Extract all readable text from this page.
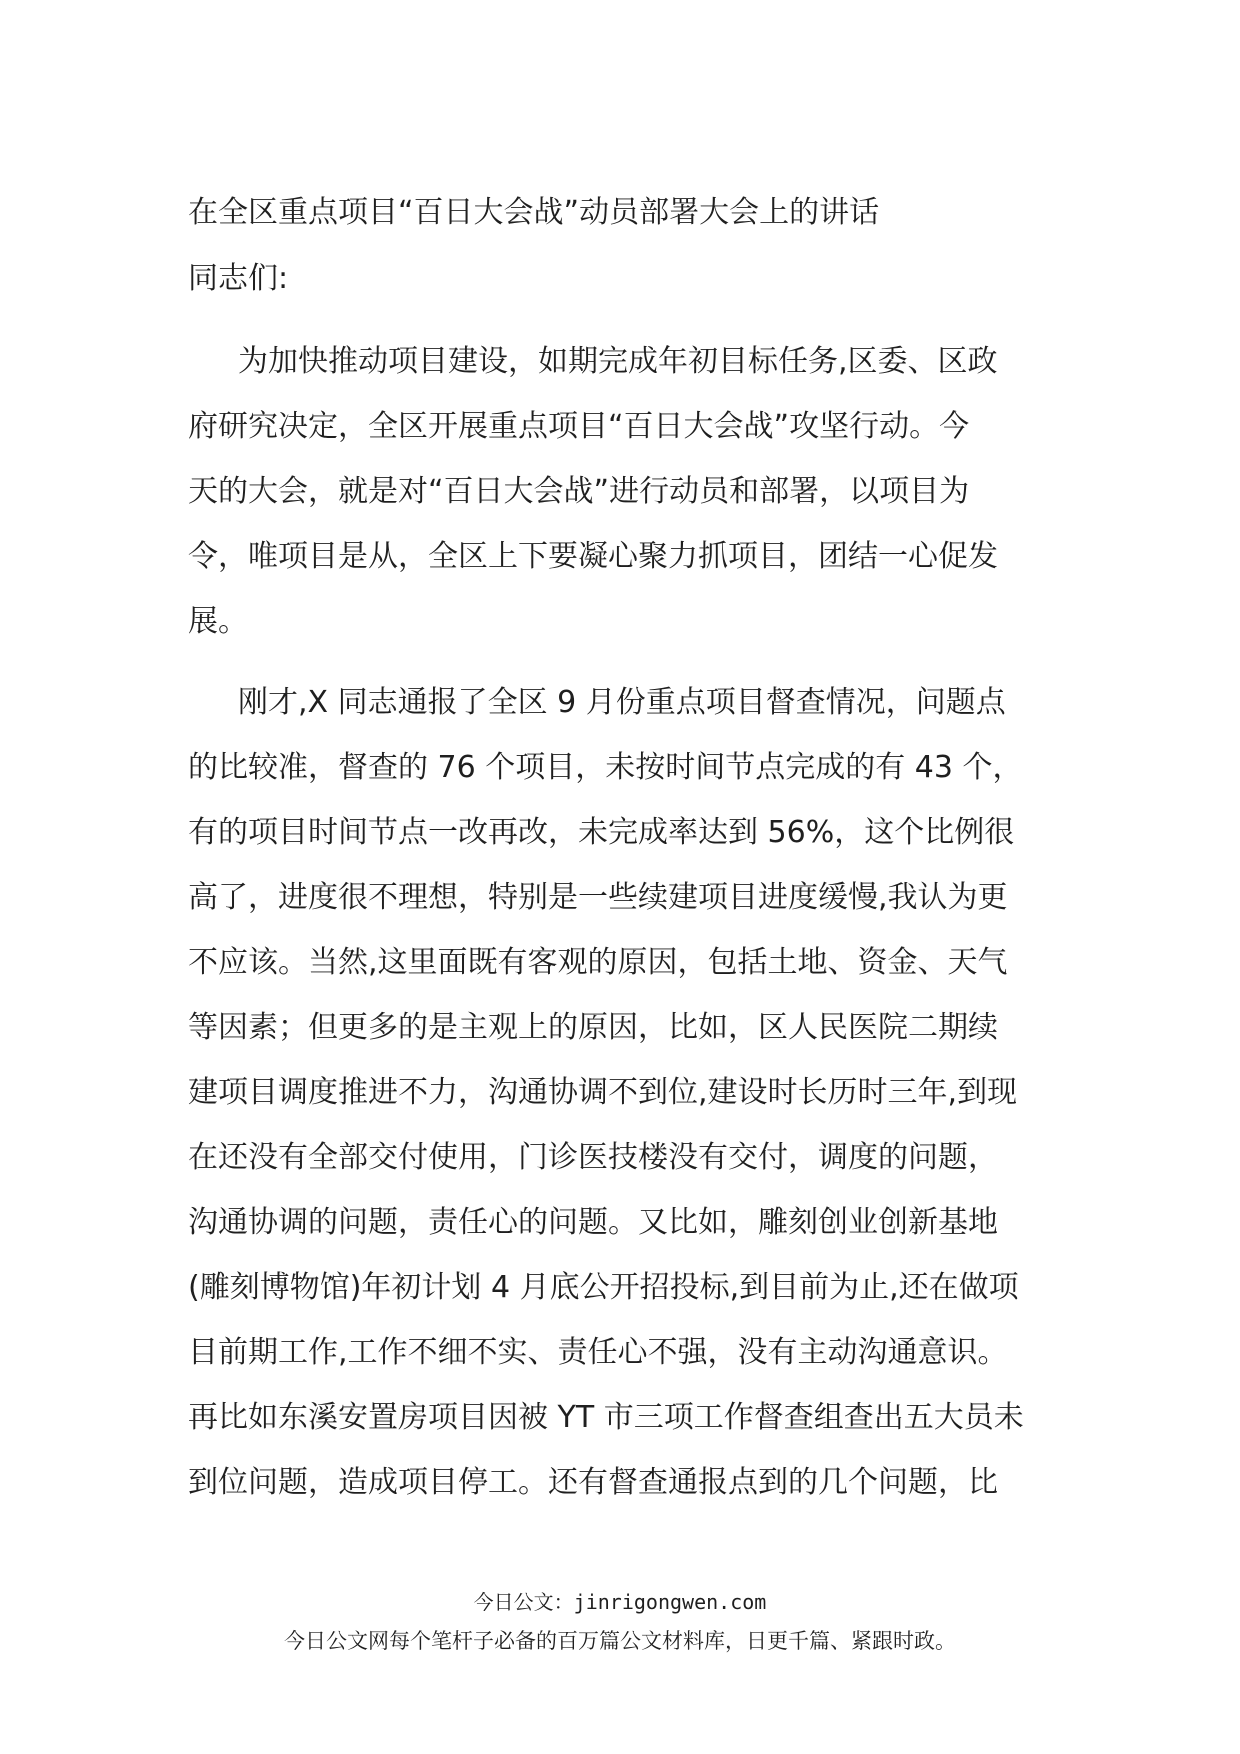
在全区重点项目“百日大会战”动员部署大会上的讲话

同志们:

为加快推动项目建设，如期完成年初目标任务,区委、区政
府研究决定，全区开展重点项目“百日大会战”攻坚行动。今
天的大会，就是对“百日大会战”进行动员和部署，以项目为
令，唯项目是从，全区上下要凝心聚力抓项目，团结一心促发
展。

刚才,X 同志通报了全区 9 月份重点项目督查情况，问题点
的比较准，督查的 76 个项目，未按时间节点完成的有 43 个，
有的项目时间节点一改再改，未完成率达到 56%，这个比例很
高了，进度很不理想，特别是一些续建项目进度缓慢,我认为更
不应该。当然,这里面既有客观的原因，包括土地、资金、天气
等因素；但更多的是主观上的原因，比如，区人民医院二期续
建项目调度推进不力，沟通协调不到位,建设时长历时三年,到现
在还没有全部交付使用，门诊医技楼没有交付，调度的问题，
沟通协调的问题，责任心的问题。又比如，雕刻创业创新基地
(雕刻博物馆)年初计划 4 月底公开招投标,到目前为止,还在做项
目前期工作,工作不细不实、责任心不强，没有主动沟通意识。
再比如东溪安置房项目因被 YT 市三项工作督查组查出五大员未
到位问题，造成项目停工。还有督查通报点到的几个问题，比

今日公文：jinrigongwen.com

今日公文网每个笔杆子必备的百万篇公文材料库，日更千篇、紧跟时政。
